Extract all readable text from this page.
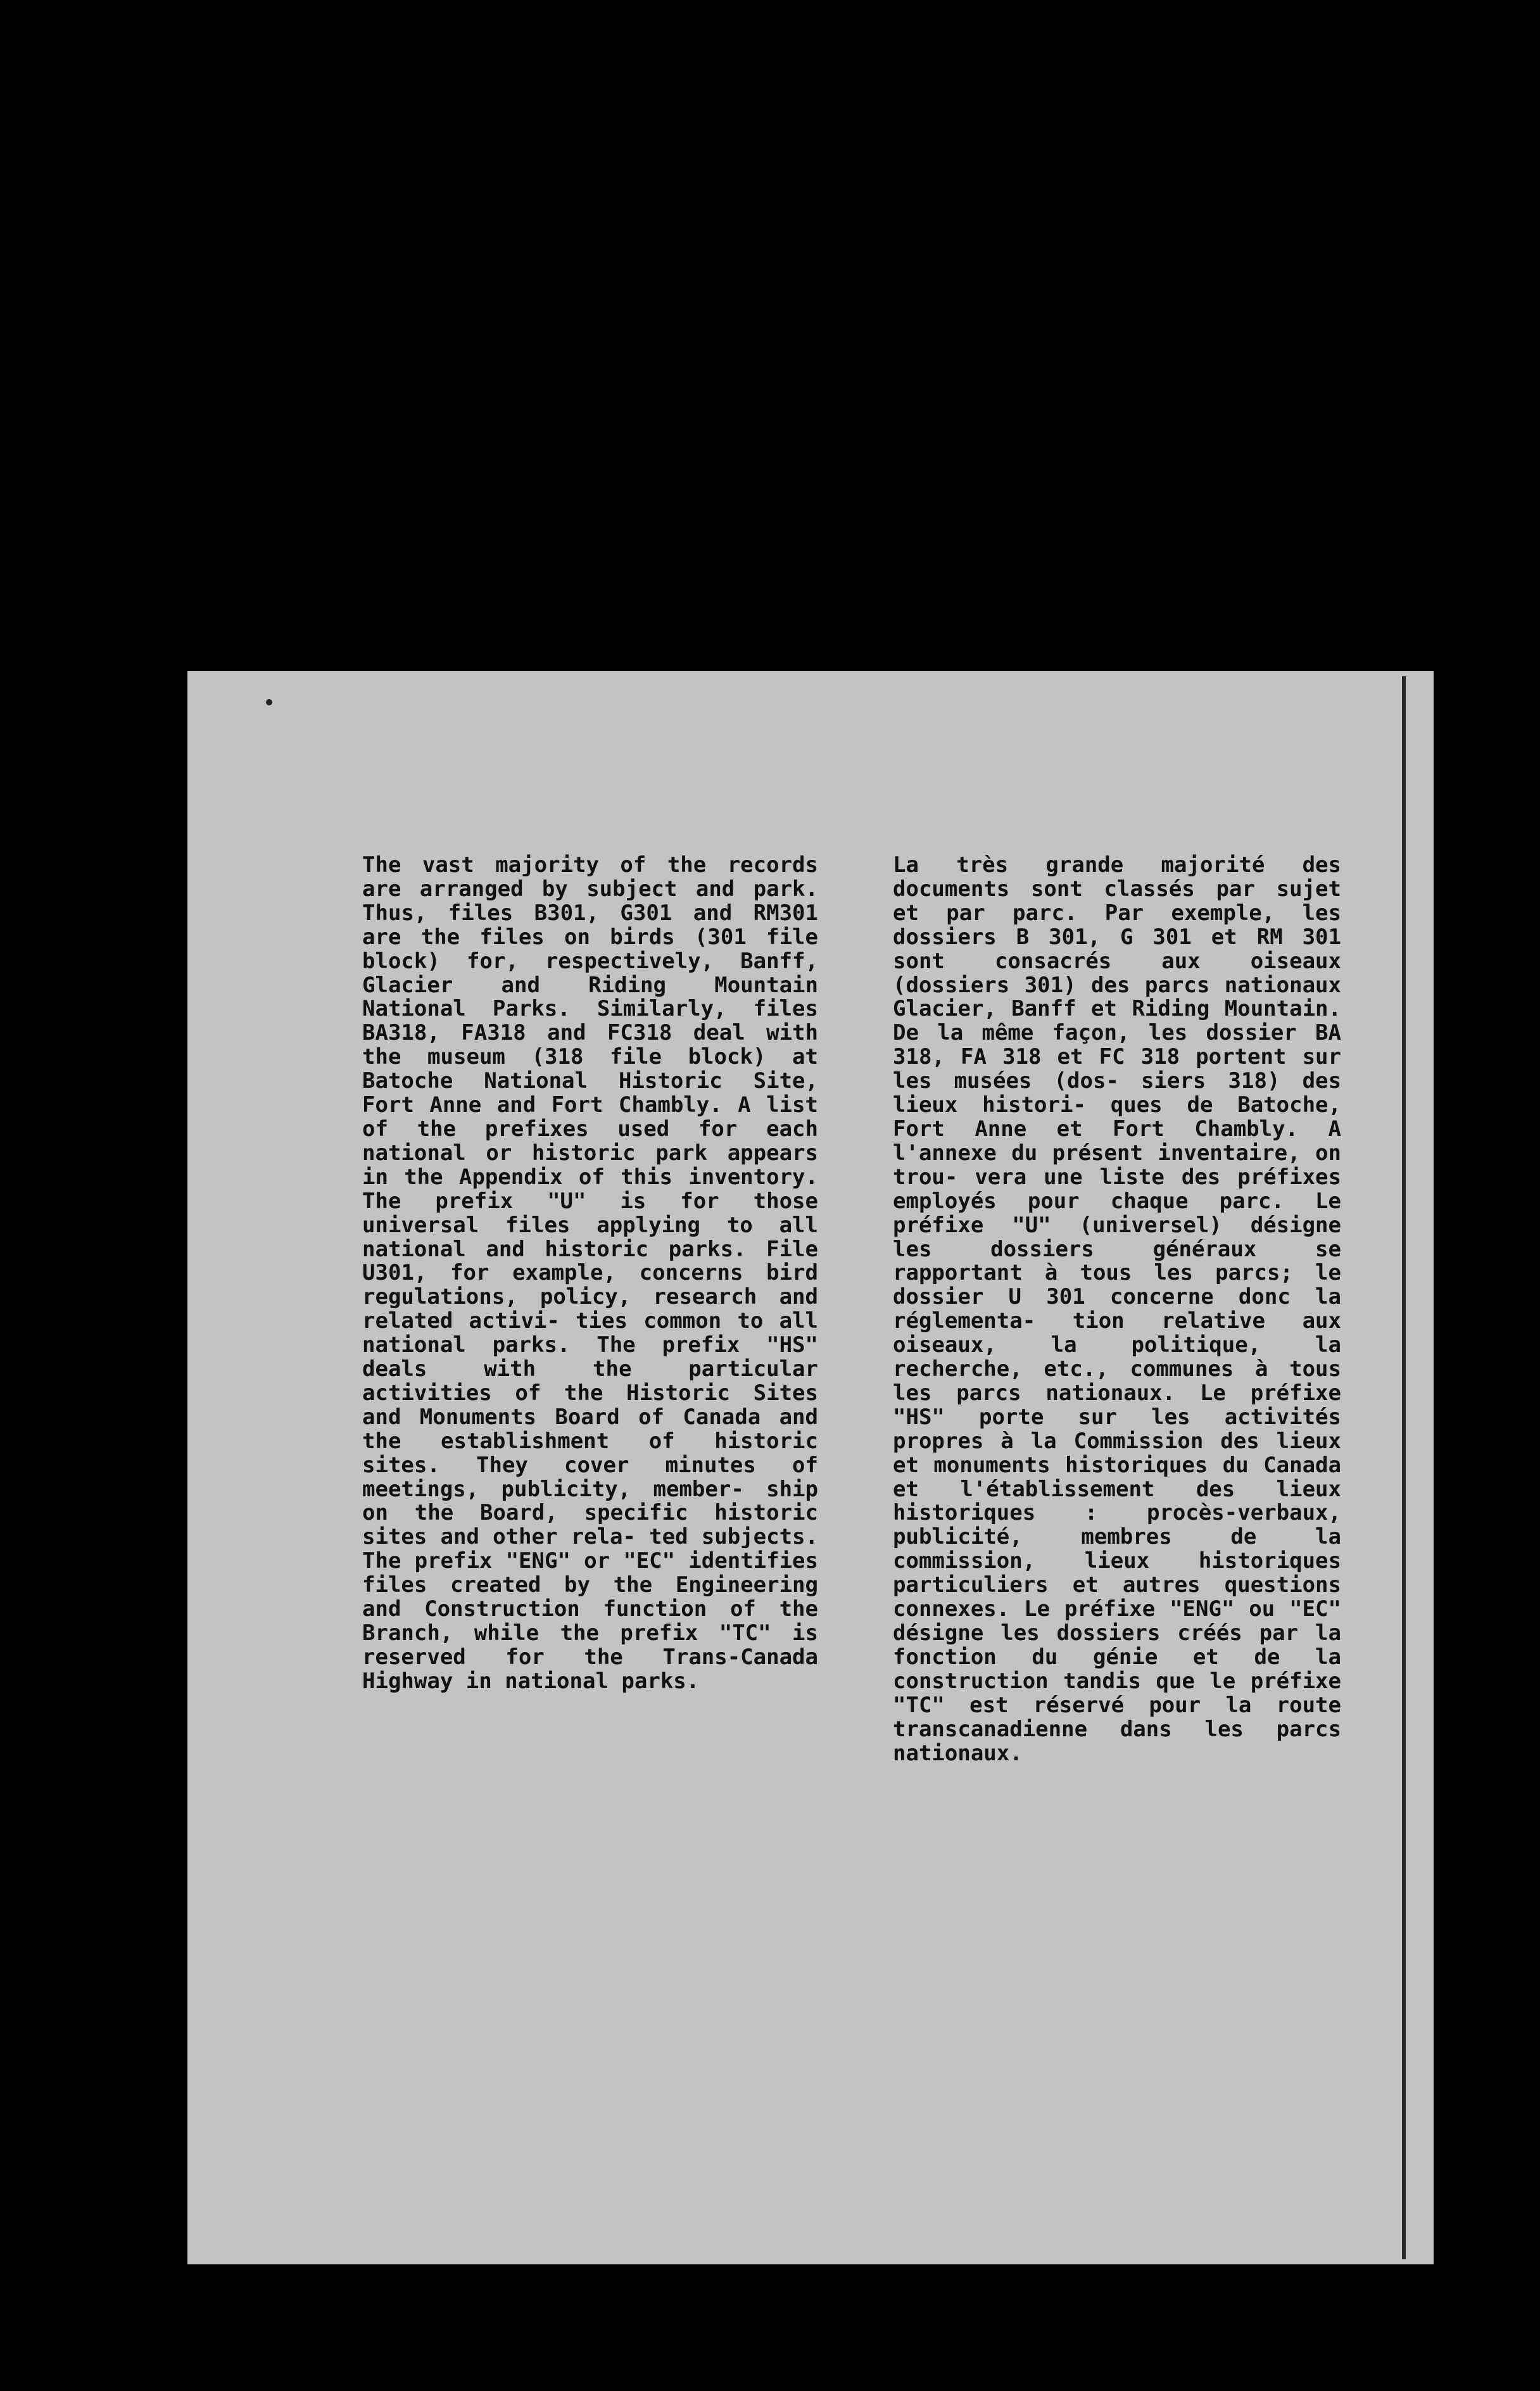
The vast majority of the records are arranged by subject and park. Thus, files B301, G301 and RM301 are the files on birds (301 file block) for, respectively, Banff, Glacier and Riding Mountain National Parks. Similarly, files BA318, FA318 and FC318 deal with the museum (318 file block) at Batoche National Historic Site, Fort Anne and Fort Chambly. A list of the prefixes used for each national or historic park appears in the Appendix of this inventory. The prefix "U" is for those universal files applying to all national and historic parks. File U301, for example, concerns bird regulations, policy, research and related activi- ties common to all national parks. The prefix "HS" deals with the particular activities of the Historic Sites and Monuments Board of Canada and the establishment of historic sites. They cover minutes of meetings, publicity, member- ship on the Board, specific historic sites and other rela- ted subjects. The prefix "ENG" or "EC" identifies files created by the Engineering and Construction function of the Branch, while the prefix "TC" is reserved for the Trans-Canada Highway in national parks.

La très grande majorité des documents sont classés par sujet et par parc. Par exemple, les dossiers B 301, G 301 et RM 301 sont consacrés aux oiseaux (dossiers 301) des parcs nationaux Glacier, Banff et Riding Mountain. De la même façon, les dossier BA 318, FA 318 et FC 318 portent sur les musées (dos- siers 318) des lieux histori- ques de Batoche, Fort Anne et Fort Chambly. A l'annexe du présent inventaire, on trou- vera une liste des préfixes employés pour chaque parc. Le préfixe "U" (universel) désigne les dossiers généraux se rapportant à tous les parcs; le dossier U 301 concerne donc la réglementa- tion relative aux oiseaux, la politique, la recherche, etc., communes à tous les parcs nationaux. Le préfixe "HS" porte sur les activités propres à la Commission des lieux et monuments historiques du Canada et l'établissement des lieux historiques : procès-verbaux, publicité, membres de la commission, lieux historiques particuliers et autres questions connexes. Le préfixe "ENG" ou "EC" désigne les dossiers créés par la fonction du génie et de la construction tandis que le préfixe "TC" est réservé pour la route transcanadienne dans les parcs nationaux.
